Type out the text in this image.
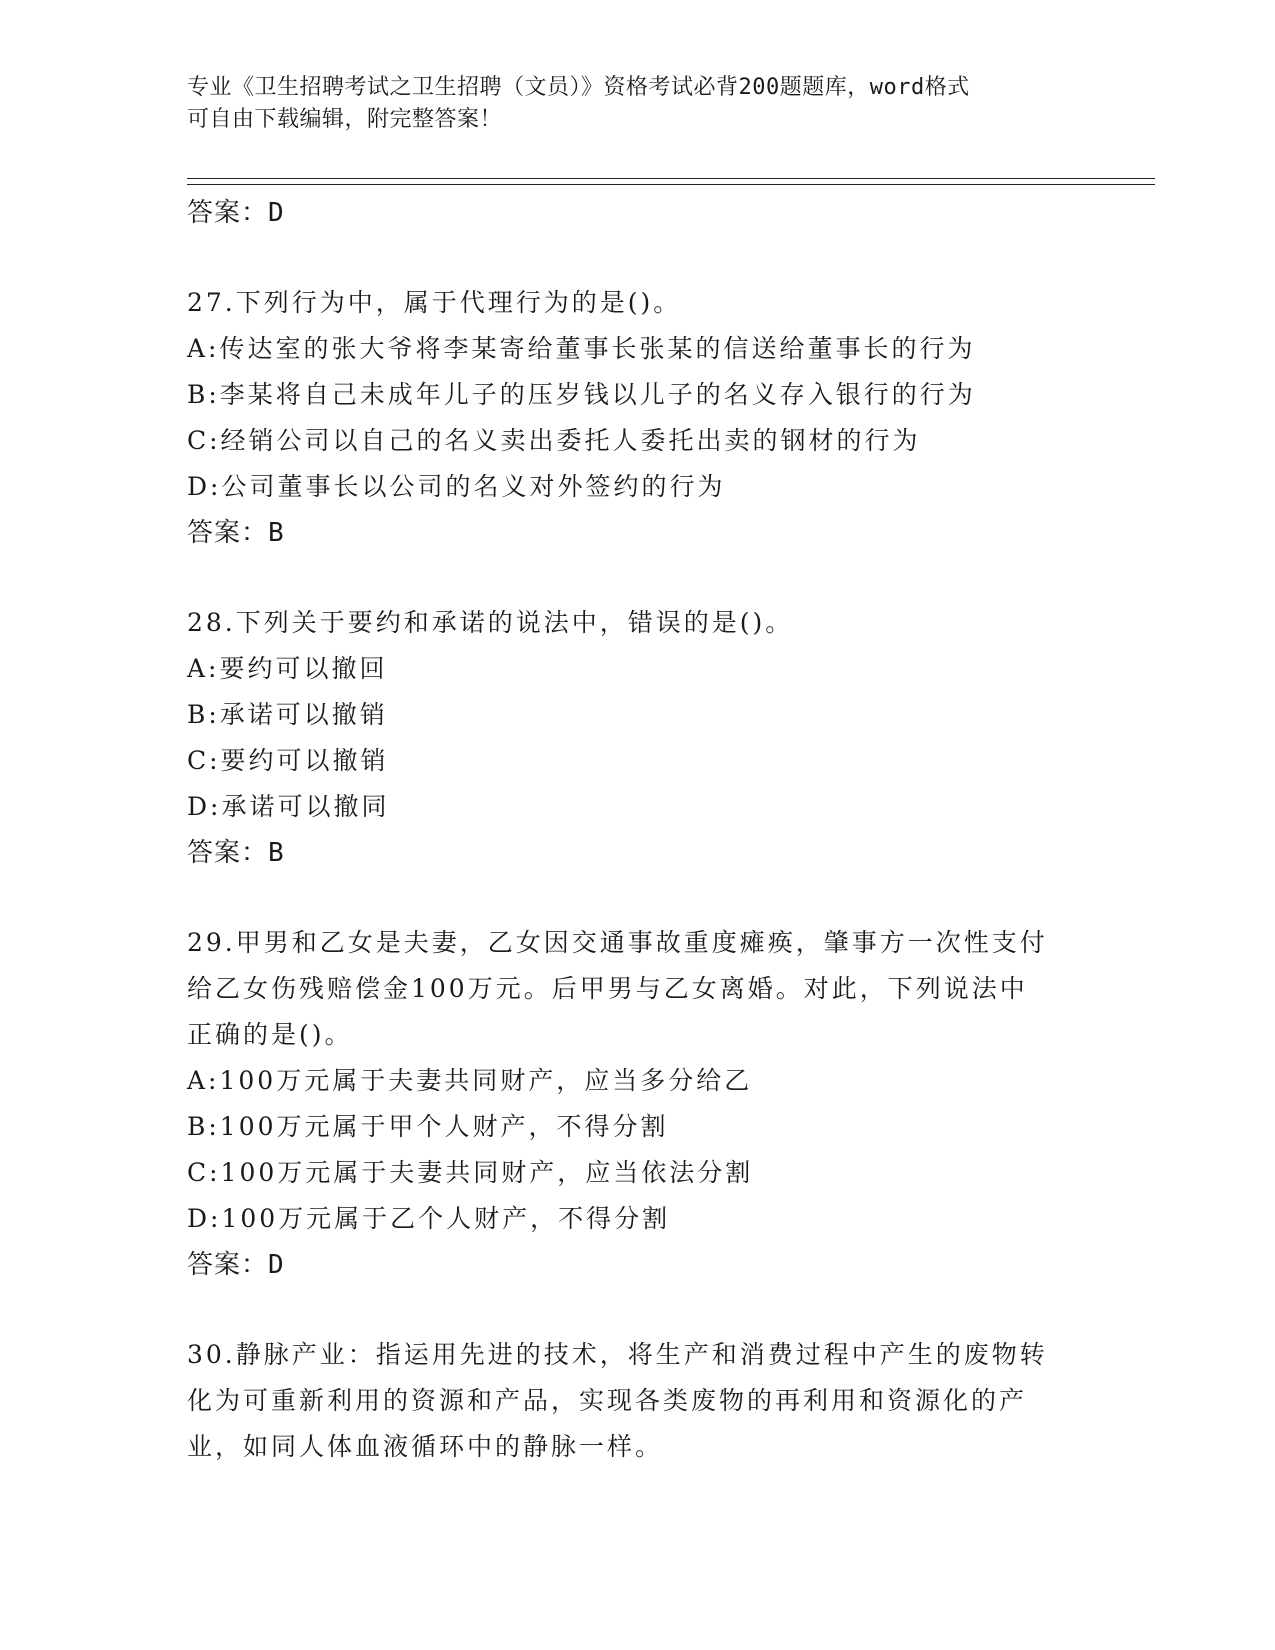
专业《卫生招聘考试之卫生招聘（文员）》资格考试必背200题题库，word格式
可自由下载编辑，附完整答案！
答案：D
27.下列行为中，属于代理行为的是()。
A:传达室的张大爷将李某寄给董事长张某的信送给董事长的行为
B:李某将自己未成年儿子的压岁钱以儿子的名义存入银行的行为
C:经销公司以自己的名义卖出委托人委托出卖的钢材的行为
D:公司董事长以公司的名义对外签约的行为
答案：B
28.下列关于要约和承诺的说法中，错误的是()。
A:要约可以撤回
B:承诺可以撤销
C:要约可以撤销
D:承诺可以撤同
答案：B
29.甲男和乙女是夫妻，乙女因交通事故重度瘫痪，肇事方一次性支付
给乙女伤残赔偿金100万元。后甲男与乙女离婚。对此，下列说法中
正确的是()。
A:100万元属于夫妻共同财产，应当多分给乙
B:100万元属于甲个人财产，不得分割
C:100万元属于夫妻共同财产，应当依法分割
D:100万元属于乙个人财产，不得分割
答案：D
30.静脉产业：指运用先进的技术，将生产和消费过程中产生的废物转
化为可重新利用的资源和产品，实现各类废物的再利用和资源化的产
业，如同人体血液循环中的静脉一样。
